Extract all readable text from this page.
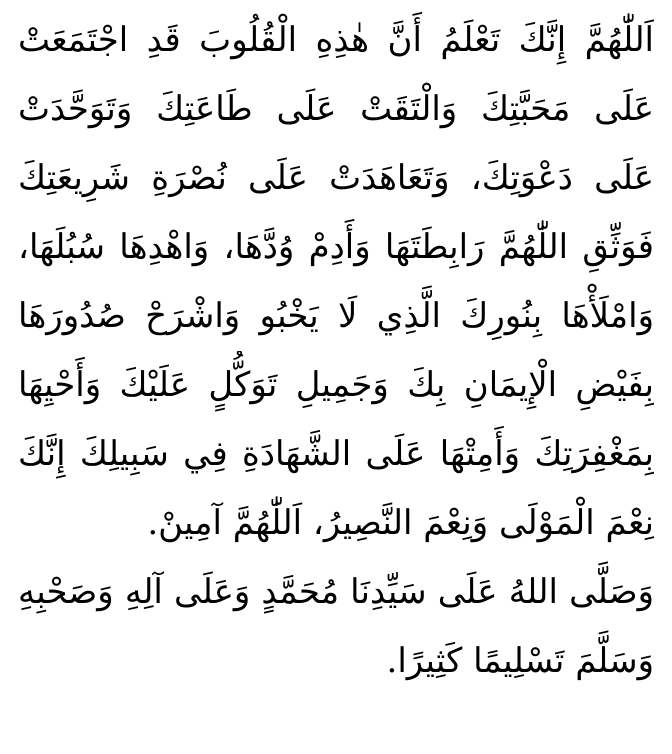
اَللّٰهُمَّ إِنَّكَ تَعْلَمُ أَنَّ هٰذِهِ الْقُلُوبَ قَدِ اجْتَمَعَتْ
عَلَى مَحَبَّتِكَ وَالْتَقَتْ عَلَى طَاعَتِكَ وَتَوَحَّدَتْ
عَلَى دَعْوَتِكَ، وَتَعَاهَدَتْ عَلَى نُصْرَةِ شَرِيعَتِكَ
فَوَثِّقِ اللّٰهُمَّ رَابِطَتَهَا وَأَدِمْ وُدَّهَا، وَاهْدِهَا سُبُلَهَا،
وَامْلَأْهَا بِنُورِكَ الَّذِي لَا يَخْبُو وَاشْرَحْ صُدُورَهَا
بِفَيْضِ الْإِيمَانِ بِكَ وَجَمِيلِ تَوَكُّلٍ عَلَيْكَ وَأَحْيِهَا
بِمَغْفِرَتِكَ وَأَمِتْهَا عَلَى الشَّهَادَةِ فِي سَبِيلِكَ إِنَّكَ
نِعْمَ الْمَوْلَى وَنِعْمَ النَّصِيرُ، اَللّٰهُمَّ آمِينْ.
وَصَلَّى اللهُ عَلَى سَيِّدِنَا مُحَمَّدٍ وَعَلَى آلِهِ وَصَحْبِهِ
وَسَلَّمَ تَسْلِيمًا كَثِيرًا.
